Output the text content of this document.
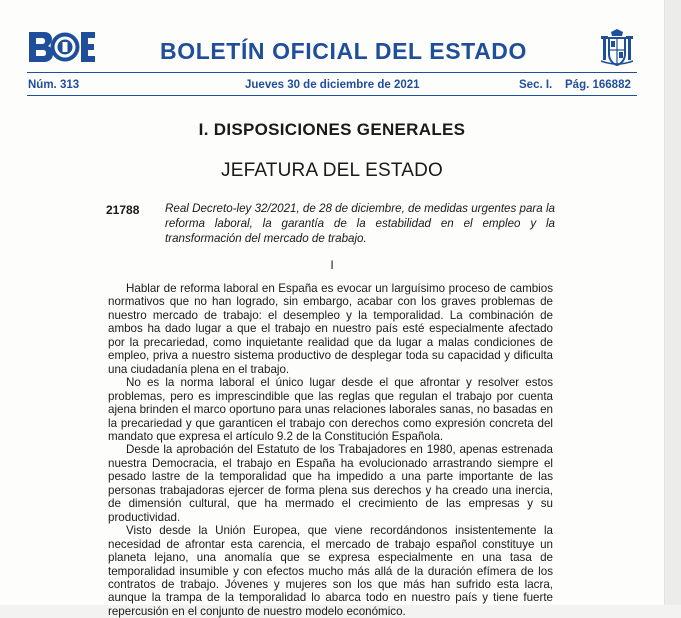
BOLETÍN OFICIAL DEL ESTADO
Núm. 313	Jueves 30 de diciembre de 2021	Sec. I. Pág. 166882
I. DISPOSICIONES GENERALES
JEFATURA DEL ESTADO
21788 Real Decreto-ley 32/2021, de 28 de diciembre, de medidas urgentes para la reforma laboral, la garantía de la estabilidad en el empleo y la transformación del mercado de trabajo.
I

Hablar de reforma laboral en España es evocar un larguísimo proceso de cambios normativos que no han logrado, sin embargo, acabar con los graves problemas de nuestro mercado de trabajo: el desempleo y la temporalidad. La combinación de ambos ha dado lugar a que el trabajo en nuestro país esté especialmente afectado por la precariedad, como inquietante realidad que da lugar a malas condiciones de empleo, priva a nuestro sistema productivo de desplegar toda su capacidad y dificulta una ciudadanía plena en el trabajo.

No es la norma laboral el único lugar desde el que afrontar y resolver estos problemas, pero es imprescindible que las reglas que regulan el trabajo por cuenta ajena brinden el marco oportuno para unas relaciones laborales sanas, no basadas en la precariedad y que garanticen el trabajo con derechos como expresión concreta del mandato que expresa el artículo 9.2 de la Constitución Española.

Desde la aprobación del Estatuto de los Trabajadores en 1980, apenas estrenada nuestra Democracia, el trabajo en España ha evolucionado arrastrando siempre el pesado lastre de la temporalidad que ha impedido a una parte importante de las personas trabajadoras ejercer de forma plena sus derechos y ha creado una inercia, de dimensión cultural, que ha mermado el crecimiento de las empresas y su productividad.

Visto desde la Unión Europea, que viene recordándonos insistentemente la necesidad de afrontar esta carencia, el mercado de trabajo español constituye un planeta lejano, una anomalía que se expresa especialmente en una tasa de temporalidad insumible y con efectos mucho más allá de la duración efímera de los contratos de trabajo. Jóvenes y mujeres son los que más han sufrido esta lacra, aunque la trampa de la temporalidad lo abarca todo en nuestro país y tiene fuerte repercusión en el conjunto de nuestro modelo económico.
